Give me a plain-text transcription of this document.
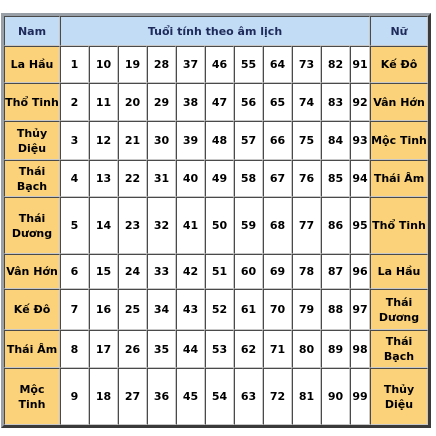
Nam	Tuổi tính theo âm lịch											Nữ
La Hầu	1	10	19	28	37	46	55	64	73	82	91	Kế Đô
Thổ Tinh	2	11	20	29	38	47	56	65	74	83	92	Vân Hớn
Thủy Diệu	3	12	21	30	39	48	57	66	75	84	93	Mộc Tinh
Thái Bạch	4	13	22	31	40	49	58	67	76	85	94	Thái Âm
Thái Dương	5	14	23	32	41	50	59	68	77	86	95	Thổ Tinh
Vân Hớn	6	15	24	33	42	51	60	69	78	87	96	La Hầu
Kế Đô	7	16	25	34	43	52	61	70	79	88	97	Thái Dương
Thái Âm	8	17	26	35	44	53	62	71	80	89	98	Thái Bạch
Mộc Tinh	9	18	27	36	45	54	63	72	81	90	99	Thủy Diệu
